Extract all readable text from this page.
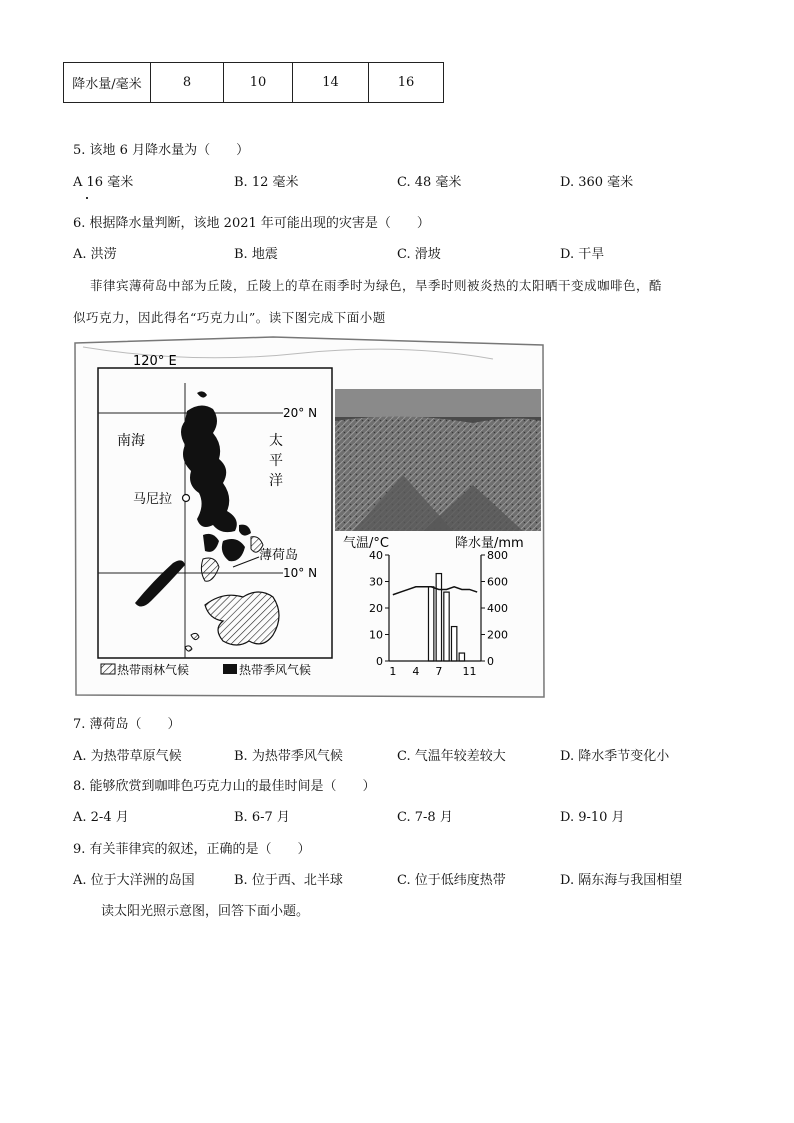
降水量/毫米	8	10	14	16
5. 该地 6 月降水量为（　　）
A 16 毫米	B. 12 毫米	C. 48 毫米	D. 360 毫米
6. 根据降水量判断，该地 2021 年可能出现的灾害是（　　）
A. 洪涝	B. 地震	C. 滑坡	D. 干旱
菲律宾薄荷岛中部为丘陵，丘陵上的草在雨季时为绿色，旱季时则被炎热的太阳晒干变成咖啡色，酷
似巧克力，因此得名“巧克力山”。读下图完成下面小题
120° E
20° N
10° N
南海	太
平
洋
马尼拉
薄荷岛
热带雨林气候	热带季风气候
气温/°C	降水量/mm
0
10
20
30
40
0
200
400
600
800
1 4 7 11
7. 薄荷岛（　　）
A. 为热带草原气候	B. 为热带季风气候	C. 气温年较差较大	D. 降水季节变化小
8. 能够欣赏到咖啡色巧克力山的最佳时间是（　　）
A. 2-4 月	B. 6-7 月	C. 7-8 月	D. 9-10 月
9. 有关菲律宾的叙述，正确的是（　　）
A. 位于大洋洲的岛国	B. 位于西、北半球	C. 位于低纬度热带	D. 隔东海与我国相望
读太阳光照示意图，回答下面小题。
